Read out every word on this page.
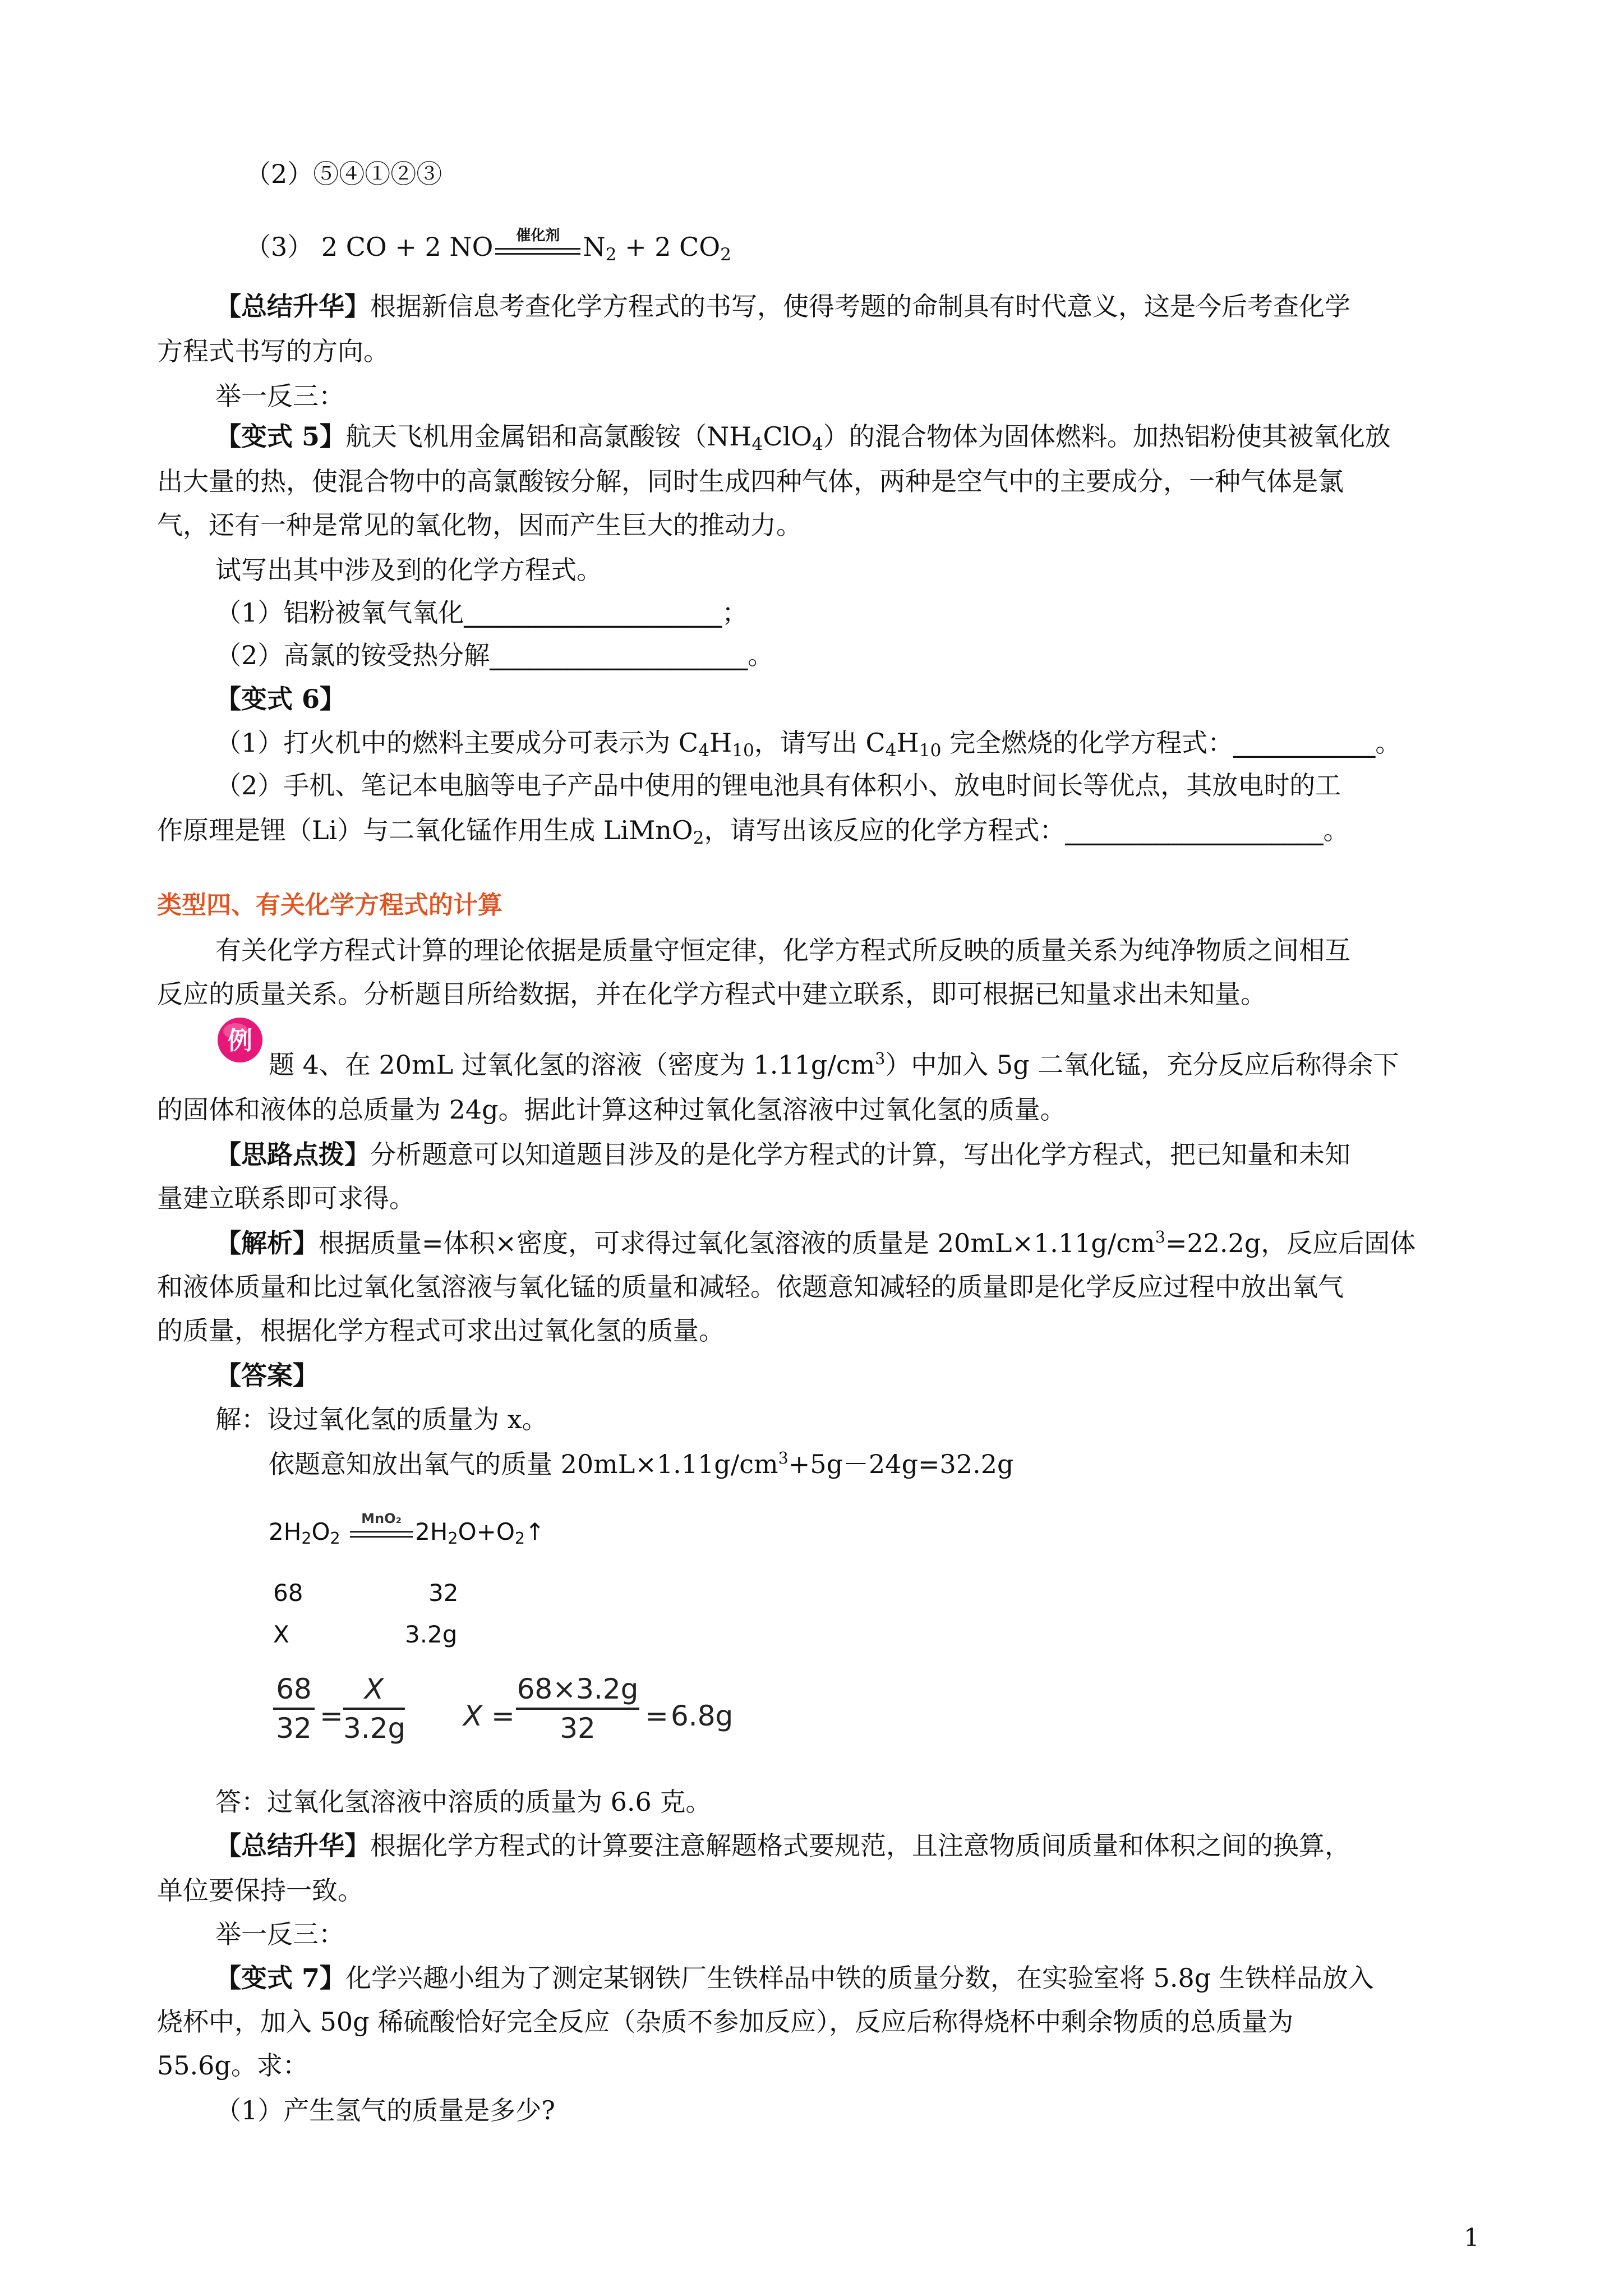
（2）⑤④①②③
（3） 2 CO + 2 NO	催化剂 $N_2 + 2$ $CO_2$
【总结升华】根据新信息考查化学方程式的书写，使得考题的命制具有时代意义，这是今后考查化学
方程式书写的方向。
举一反三：
【变式 5】航天飞机用金属铝和高氯酸铵$(NH_4ClO_4)$的混合物体为固体燃料。加热铝粉使其被氧化放
出大量的热，使混合物中的高氯酸铵分解，同时生成四种气体，两种是空气中的主要成分，一种气体是氯
气，还有一种是常见的氧化物，因而产生巨大的推动力。
试写出其中涉及到的化学方程式。
（1）铝粉被氧气氧化____________________；
（2）高氯的铵受热分解____________________。
【变式 6】
（1）打火机中的燃料主要成分可表示为 $C_4H_{10}$，请写出 $C_4H_{10}$ 完全燃烧的化学方程式：___________。
（2）手机、笔记本电脑等电子产品中使用的锂电池具有体积小、放电时间长等优点，其放电时的工
作原理是锂（Li）与二氧化锰作用生成 LiMnO$_2$，请写出该反应的化学方程式：____________________。
类型四、有关化学方程式的计算
有关化学方程式计算的理论依据是质量守恒定律，化学方程式所反映的质量关系为纯净物质之间相互
反应的质量关系。分析题目所给数据，并在化学方程式中建立联系，即可根据已知量求出未知量。
例
题 4、在 20mL 过氧化氢的溶液（密度为 $1.11g/cm^3$）中加入 5g 二氧化锰，充分反应后称得余下
的固体和液体的总质量为 24g。据此计算这种过氧化氢溶液中过氧化氢的质量。
【思路点拨】分析题意可以知道题目涉及的是化学方程式的计算，写出化学方程式，把已知量和未知
量建立联系即可求得。
【解析】根据质量=体积×密度，可求得过氧化氢溶液的质量是 $20mL\times 1.11g/cm^3=22.2g$，反应后固体
和液体质量和比过氧化氢溶液与氧化锰的质量和减轻。依题意知减轻的质量即是化学反应过程中放出氧气
的质量，根据化学方程式可求出过氧化氢的质量。
【答案】
解：设过氧化氢的质量为 x。
依题意知放出氧气的质量 $20mL\times 1.11g/cm^3+5g-24g=32.2g$
$2H_2O_2$
MnO₂ $2H_2O+O_2↑$
68	32
X	3.2g
68
32 =
X
3.2g X =
68×3.2g
32	= 6.8g
答：过氧化氢溶液中溶质的质量为 6.6 克。
【总结升华】根据化学方程式的计算要注意解题格式要规范，且注意物质间质量和体积之间的换算，
单位要保持一致。
举一反三：
【变式 7】化学兴趣小组为了测定某钢铁厂生铁样品中铁的质量分数，在实验室将 5.8g 生铁样品放入
烧杯中，加入 50g 稀硫酸恰好完全反应（杂质不参加反应），反应后称得烧杯中剩余物质的总质量为
55.6g。求：
（1）产生氢气的质量是多少?
1
